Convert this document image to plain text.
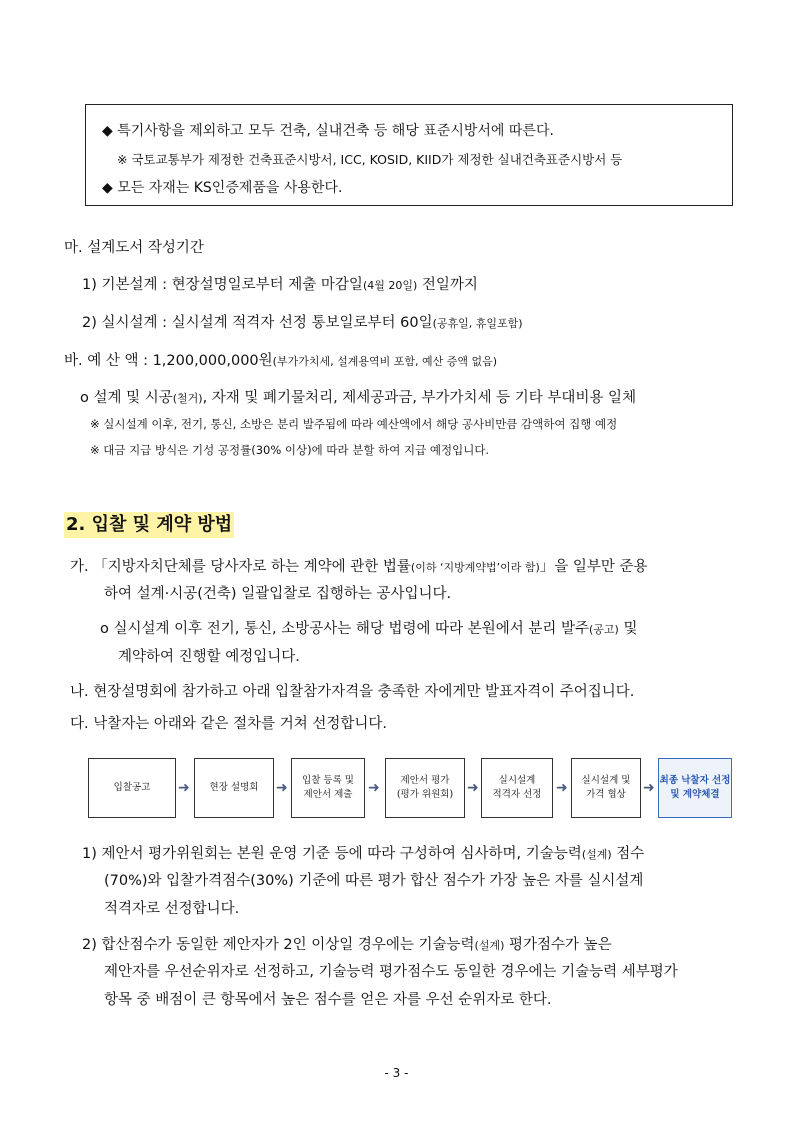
◆ 특기사항을 제외하고 모두 건축, 실내건축 등 해당 표준시방서에 따른다.
※ 국토교통부가 제정한 건축표준시방서, ICC, KOSID, KIID가 제정한 실내건축표준시방서 등
◆ 모든 자재는 KS인증제품을 사용한다.
마. 설계도서 작성기간
1) 기본설계 : 현장설명일로부터 제출 마감일(4월 20일) 전일까지
2) 실시설계 : 실시설계 적격자 선정 통보일로부터 60일(공휴일, 휴일포함)
바. 예 산 액 : 1,200,000,000원(부가가치세, 설계용역비 포함, 예산 증액 없음)
o 설계 및 시공(철거), 자재 및 폐기물처리, 제세공과금, 부가가치세 등 기타 부대비용 일체
※ 실시설계 이후, 전기, 통신, 소방은 분리 발주됨에 따라 예산액에서 해당 공사비만큼 감액하여 집행 예정
※ 대금 지급 방식은 기성 공정률(30% 이상)에 따라 분할 하여 지급 예정입니다.
2. 입찰 및 계약 방법
가. 「지방자치단체를 당사자로 하는 계약에 관한 법률(이하 ‘지방계약법’이라 함)」을 일부만 준용
하여 설계·시공(건축) 일괄입찰로 집행하는 공사입니다.
o 실시설계 이후 전기, 통신, 소방공사는 해당 법령에 따라 본원에서 분리 발주(공고) 및
계약하여 진행할 예정입니다.
나. 현장설명회에 참가하고 아래 입찰참가자격을 충족한 자에게만 발표자격이 주어집니다.
다. 낙찰자는 아래와 같은 절차를 거쳐 선정합니다.
입찰공고	➜	현장 설명회	➜	입찰 등록 및
제안서 제출	➜	제안서 평가
(평가 위원회) ➜	실시설계
적격자 선정	➜	실시설계 및
가격 협상	➜ 최종 낙찰자 선정
및 계약체결
1) 제안서 평가위원회는 본원 운영 기준 등에 따라 구성하여 심사하며, 기술능력(설계) 점수
(70%)와 입찰가격점수(30%) 기준에 따른 평가 합산 점수가 가장 높은 자를 실시설계
적격자로 선정합니다.
2) 합산점수가 동일한 제안자가 2인 이상일 경우에는 기술능력(설계) 평가점수가 높은
제안자를 우선순위자로 선정하고, 기술능력 평가점수도 동일한 경우에는 기술능력 세부평가
항목 중 배점이 큰 항목에서 높은 점수를 얻은 자를 우선 순위자로 한다.
- 3 -
